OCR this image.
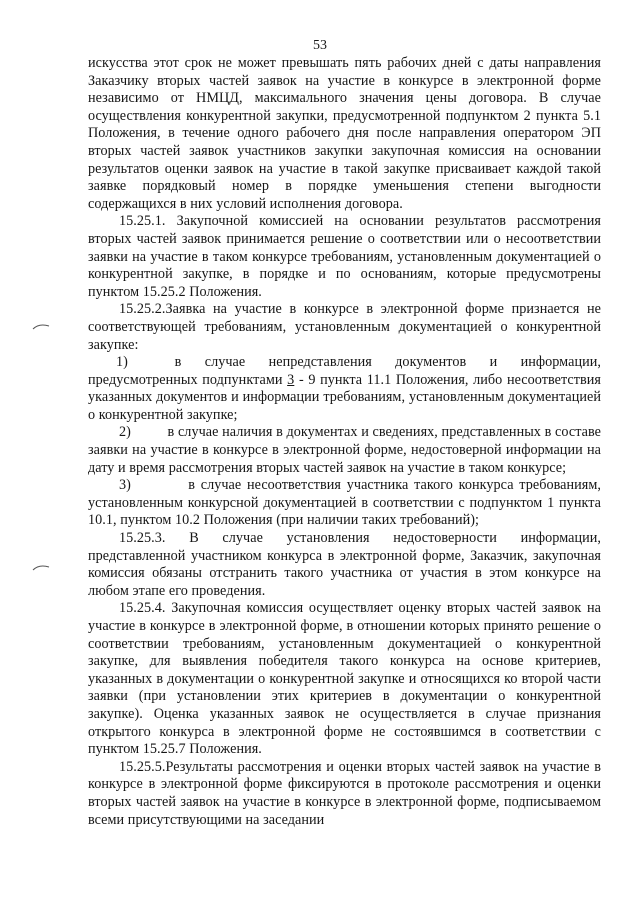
53

искусства этот срок не может превышать пять рабочих дней с даты направления Заказчику вторых частей заявок на участие в конкурсе в электронной форме независимо от НМЦД, максимального значения цены договора. В случае осуществления конкурентной закупки, предусмотренной подпунктом 2 пункта 5.1 Положения, в течение одного рабочего дня после направления оператором ЭП вторых частей заявок участников закупки закупочная комиссия на основании результатов оценки заявок на участие в такой закупке присваивает каждой такой заявке порядковый номер в порядке уменьшения степени выгодности содержащихся в них условий исполнения договора.

15.25.1. Закупочной комиссией на основании результатов рассмотрения вторых частей заявок принимается решение о соответствии или о несоответствии заявки на участие в таком конкурсе требованиям, установленным документацией о конкурентной закупке, в порядке и по основаниям, которые предусмотрены пунктом 15.25.2 Положения.

15.25.2.Заявка на участие в конкурсе в электронной форме признается не соответствующей требованиям, установленным документацией о конкурентной закупке:

1)          в     случае     непредставления     документов     и     информации, предусмотренных подпунктами 3 - 9 пункта 11.1 Положения, либо несоответствия указанных документов и информации требованиям, установленным документацией о конкурентной закупке;

2)          в случае наличия в документах и сведениях, представленных в составе заявки на участие в конкурсе в электронной форме, недостоверной информации на дату и время рассмотрения вторых частей заявок на участие в таком конкурсе;

3)          в случае несоответствия участника такого конкурса требованиям, установленным конкурсной документацией в соответствии с подпунктом 1 пункта 10.1, пунктом 10.2 Положения (при наличии таких требований);

15.25.3. В случае установления недостоверности информации, представленной участником конкурса в электронной форме, Заказчик, закупочная комиссия обязаны отстранить такого участника от участия в этом конкурсе на любом этапе его проведения.

15.25.4. Закупочная комиссия осуществляет оценку вторых частей заявок на участие в конкурсе в электронной форме, в отношении которых принято решение о соответствии требованиям, установленным документацией о конкурентной закупке, для выявления победителя такого конкурса на основе критериев, указанных в документации о конкурентной закупке и относящихся ко второй части заявки (при установлении этих критериев в документации о конкурентной закупке). Оценка указанных заявок не осуществляется в случае признания открытого конкурса в электронной форме не состоявшимся в соответствии с пунктом 15.25.7 Положения.

15.25.5.Результаты рассмотрения и оценки вторых частей заявок на участие в конкурсе в электронной форме фиксируются в протоколе рассмотрения и оценки вторых частей заявок на участие в конкурсе в электронной форме, подписываемом всеми присутствующими на заседании
